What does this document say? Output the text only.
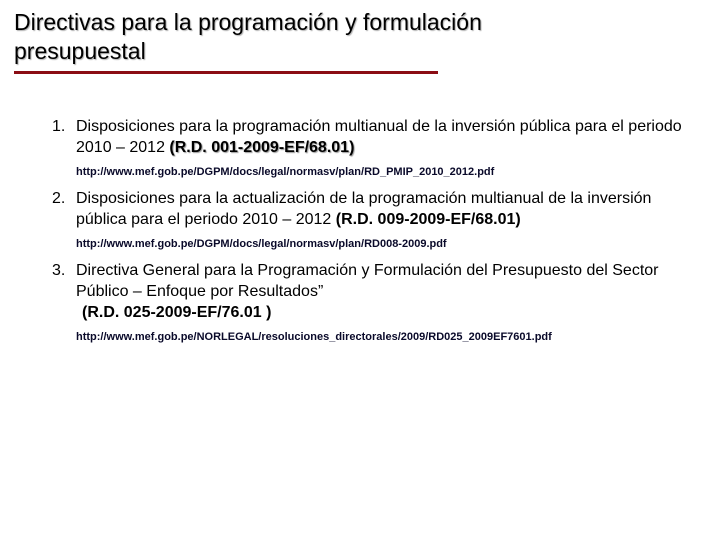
Directivas para la programación y formulación
presupuestal
1. Disposiciones para la programación multianual de la inversión pública para el periodo 2010 – 2012 (R.D. 001-2009-EF/68.01)
http://www.mef.gob.pe/DGPM/docs/legal/normasv/plan/RD_PMIP_2010_2012.pdf
2. Disposiciones para la actualización de la programación multianual de la inversión pública para el periodo 2010 – 2012 (R.D. 009-2009-EF/68.01)
http://www.mef.gob.pe/DGPM/docs/legal/normasv/plan/RD008-2009.pdf
3. Directiva General para la Programación y Formulación del Presupuesto del Sector Público – Enfoque por Resultados”
(R.D. 025-2009-EF/76.01 )
http://www.mef.gob.pe/NORLEGAL/resoluciones_directorales/2009/RD025_2009EF7601.pdf
